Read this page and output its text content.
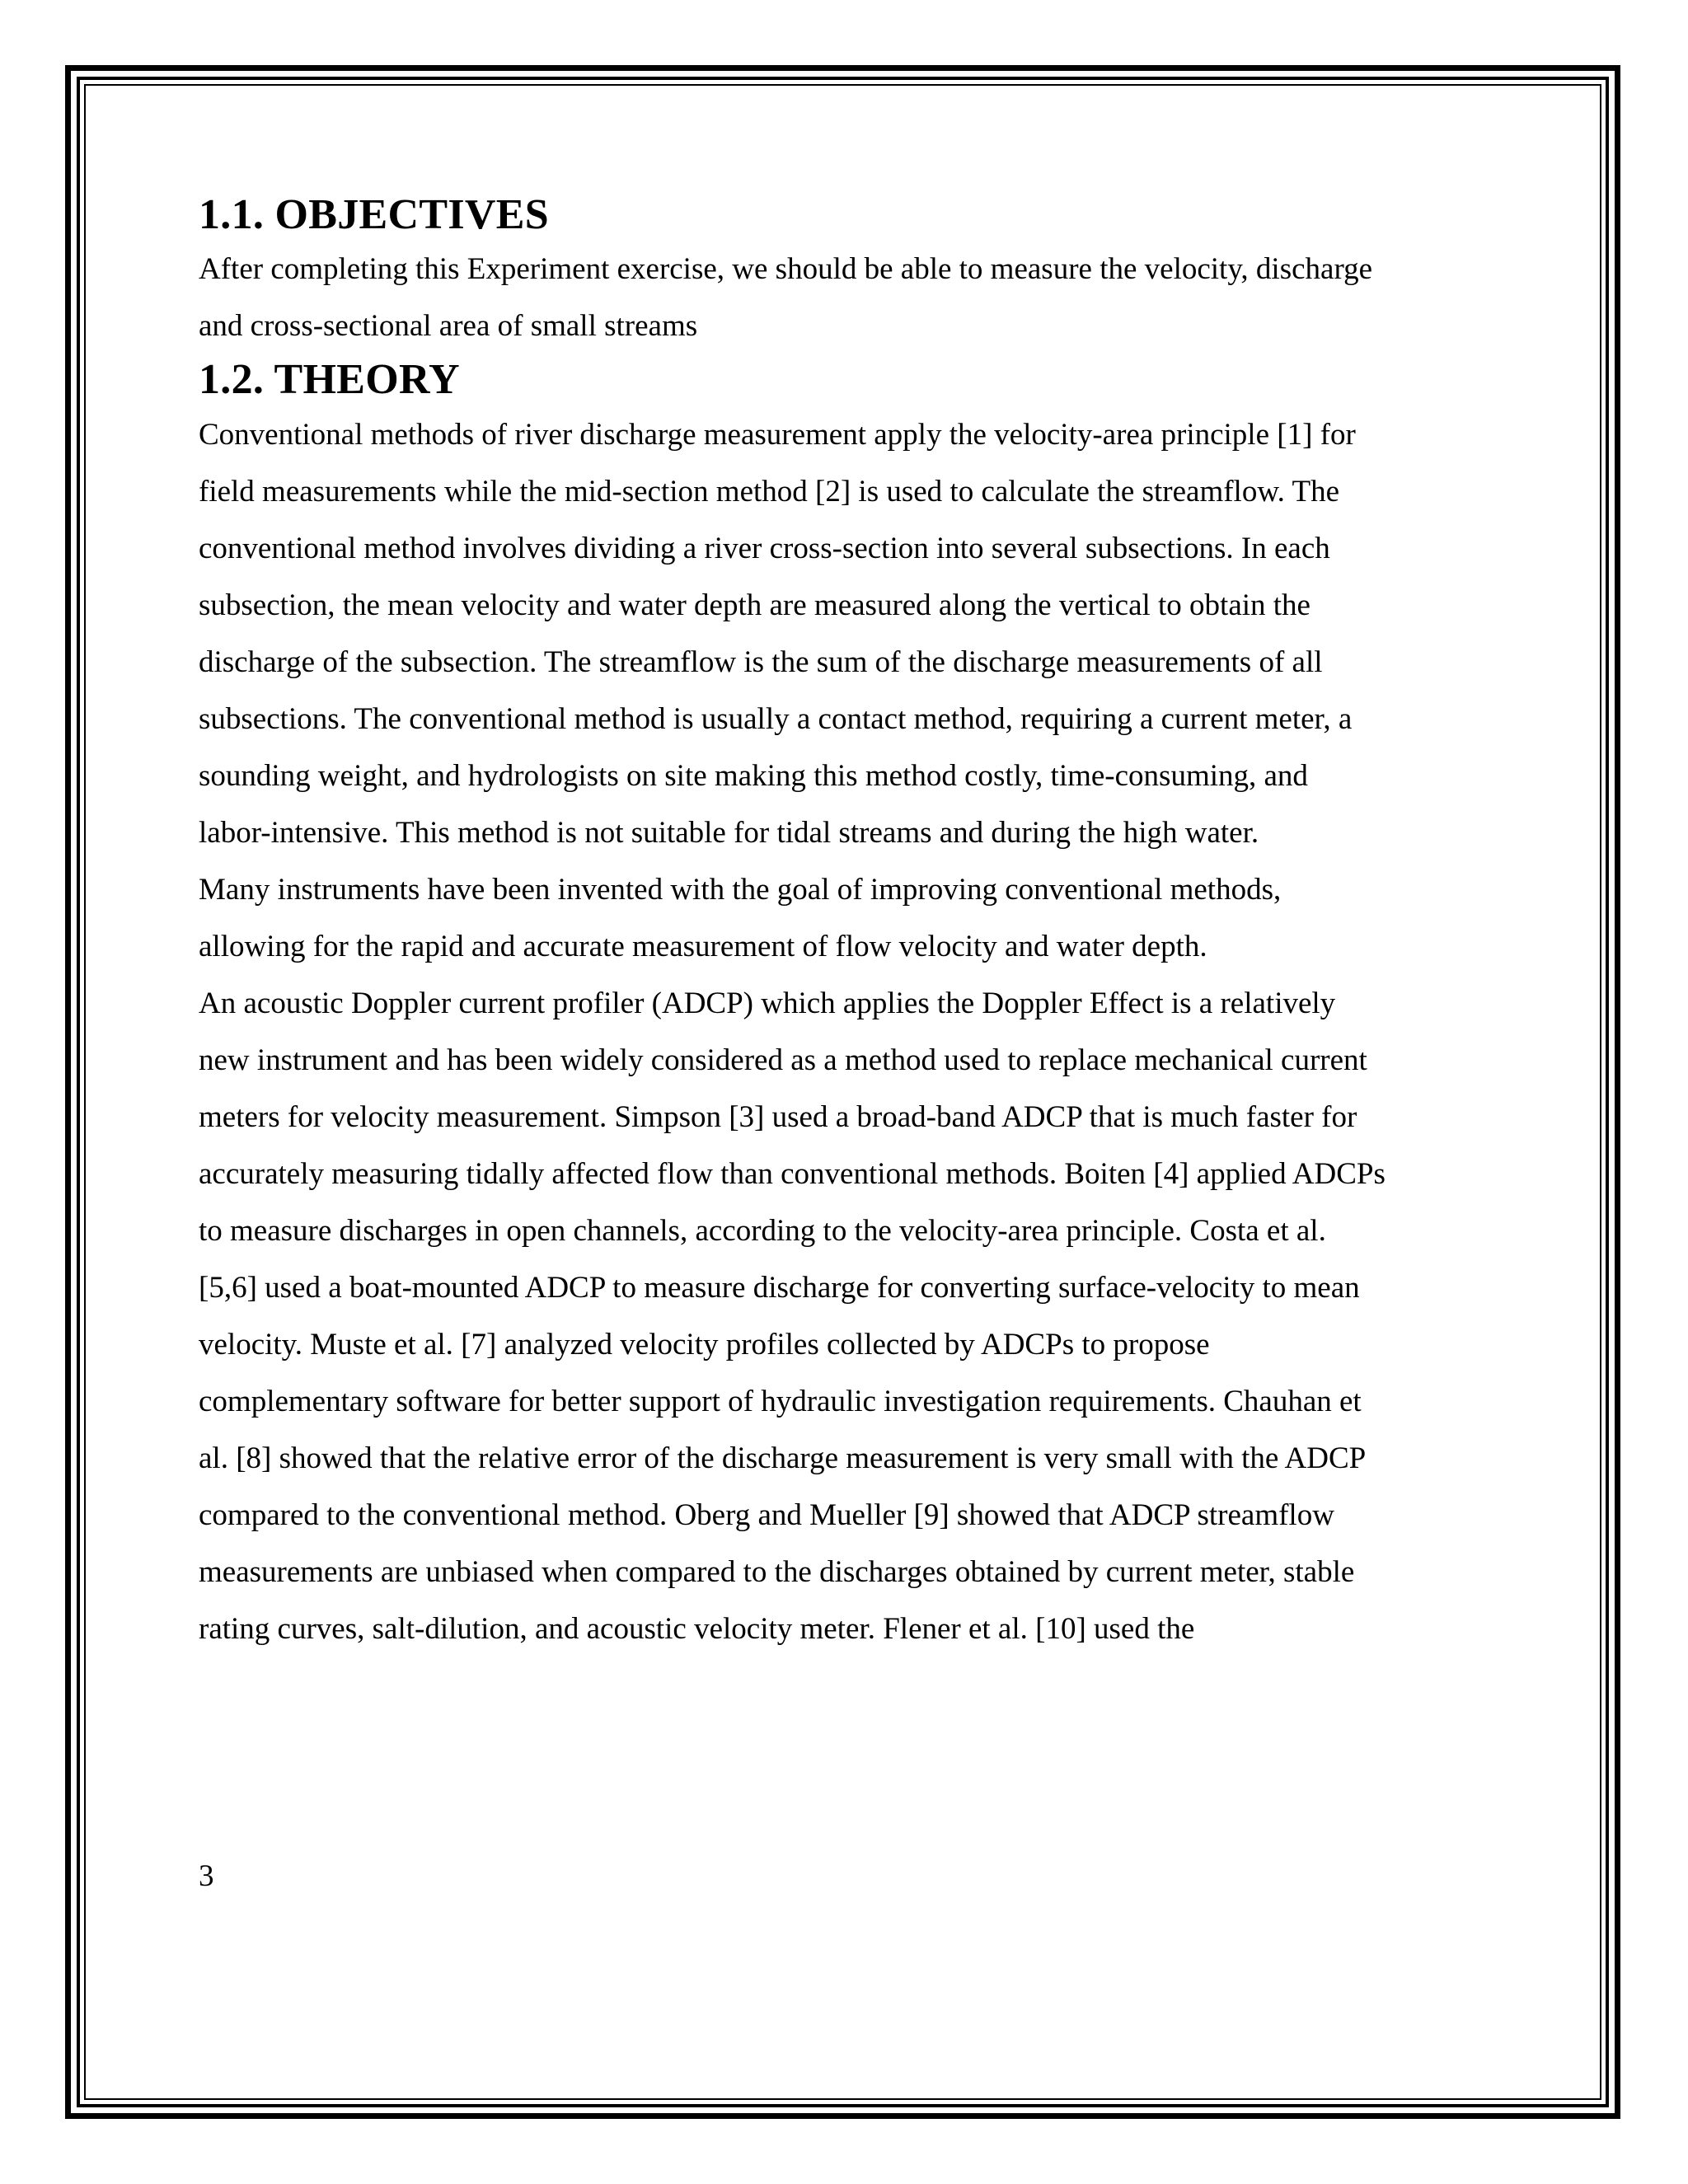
1.1. OBJECTIVES

After completing this Experiment exercise, we should be able to measure the velocity, discharge
and cross-sectional area of small streams

1.2. THEORY

Conventional methods of river discharge measurement apply the velocity-area principle [1] for
field measurements while the mid-section method [2] is used to calculate the streamflow. The
conventional method involves dividing a river cross-section into several subsections. In each
subsection, the mean velocity and water depth are measured along the vertical to obtain the
discharge of the subsection. The streamflow is the sum of the discharge measurements of all
subsections. The conventional method is usually a contact method, requiring a current meter, a
sounding weight, and hydrologists on site making this method costly, time-consuming, and
labor-intensive. This method is not suitable for tidal streams and during the high water.
Many instruments have been invented with the goal of improving conventional methods,
allowing for the rapid and accurate measurement of flow velocity and water depth.
An acoustic Doppler current profiler (ADCP) which applies the Doppler Effect is a relatively
new instrument and has been widely considered as a method used to replace mechanical current
meters for velocity measurement. Simpson [3] used a broad-band ADCP that is much faster for
accurately measuring tidally affected flow than conventional methods. Boiten [4] applied ADCPs
to measure discharges in open channels, according to the velocity-area principle. Costa et al.
[5,6] used a boat-mounted ADCP to measure discharge for converting surface-velocity to mean
velocity. Muste et al. [7] analyzed velocity profiles collected by ADCPs to propose
complementary software for better support of hydraulic investigation requirements. Chauhan et
al. [8] showed that the relative error of the discharge measurement is very small with the ADCP
compared to the conventional method. Oberg and Mueller [9] showed that ADCP streamflow
measurements are unbiased when compared to the discharges obtained by current meter, stable
rating curves, salt-dilution, and acoustic velocity meter. Flener et al. [10] used the

3
